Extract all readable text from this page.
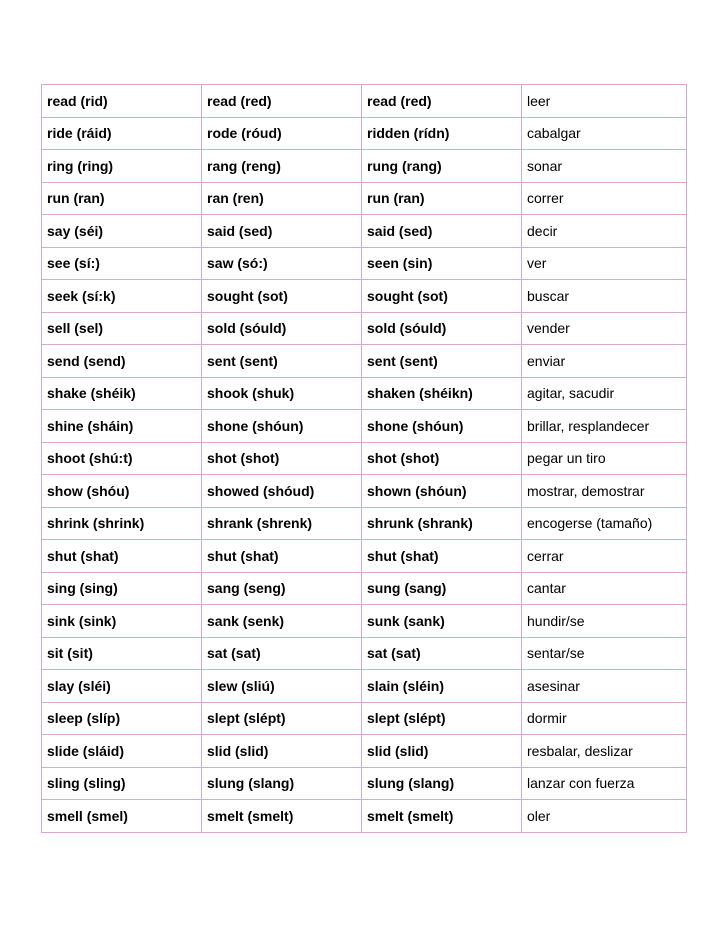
read (rid)	read (red)	read (red)	leer
ride (ráid)	rode (róud)	ridden (rídn)	cabalgar
ring (ring)	rang (reng)	rung (rang)	sonar
run (ran)	ran (ren)	run (ran)	correr
say (séi)	said (sed)	said (sed)	decir
see (sí:)	saw (só:)	seen (sin)	ver
seek (sí:k)	sought (sot)	sought (sot)	buscar
sell (sel)	sold (sóuld)	sold (sóuld)	vender
send (send)	sent (sent)	sent (sent)	enviar
shake (shéik)	shook (shuk)	shaken (shéikn)	agitar, sacudir
shine (sháin)	shone (shóun)	shone (shóun)	brillar, resplandecer
shoot (shú:t)	shot (shot)	shot (shot)	pegar un tiro
show (shóu)	showed (shóud)	shown (shóun)	mostrar, demostrar
shrink (shrink)	shrank (shrenk)	shrunk (shrank)	encogerse (tamaño)
shut (shat)	shut (shat)	shut (shat)	cerrar
sing (sing)	sang (seng)	sung (sang)	cantar
sink (sink)	sank (senk)	sunk (sank)	hundir/se
sit (sit)	sat (sat)	sat (sat)	sentar/se
slay (sléi)	slew (sliú)	slain (sléin)	asesinar
sleep (slíp)	slept (slépt)	slept (slépt)	dormir
slide (sláid)	slid (slid)	slid (slid)	resbalar, deslizar
sling (sling)	slung (slang)	slung (slang)	lanzar con fuerza
smell (smel)	smelt (smelt)	smelt (smelt)	oler
